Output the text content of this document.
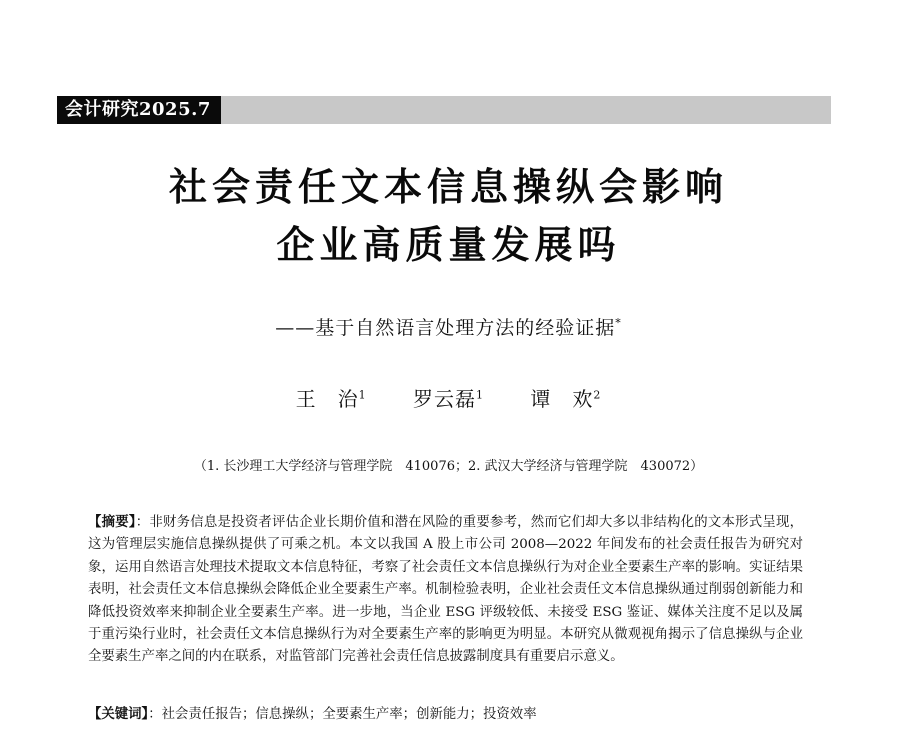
会计研究2025.7
社会责任文本信息操纵会影响
企业高质量发展吗
——基于自然语言处理方法的经验证据*
王　治$^1$ 罗云磊$^1$ 谭　欢$^2$
（1. 长沙理工大学经济与管理学院　410076；2. 武汉大学经济与管理学院　430072）

【摘要】：非财务信息是投资者评估企业长期价值和潜在风险的重要参考，然而它们却大多以非结构化的文本形式呈现，这为管理层实施信息操纵提供了可乘之机。本文以我国 A 股上市公司 2008—2022 年间发布的社会责任报告为研究对象，运用自然语言处理技术提取文本信息特征，考察了社会责任文本信息操纵行为对企业全要素生产率的影响。实证结果表明，社会责任文本信息操纵会降低企业全要素生产率。机制检验表明，企业社会责任文本信息操纵通过削弱创新能力和降低投资效率来抑制企业全要素生产率。进一步地，当企业 ESG 评级较低、未接受 ESG 鉴证、媒体关注度不足以及属于重污染行业时，社会责任文本信息操纵行为对全要素生产率的影响更为明显。本研究从微观视角揭示了信息操纵与企业全要素生产率之间的内在联系，对监管部门完善社会责任信息披露制度具有重要启示意义。

【关键词】：社会责任报告；信息操纵；全要素生产率；创新能力；投资效率
